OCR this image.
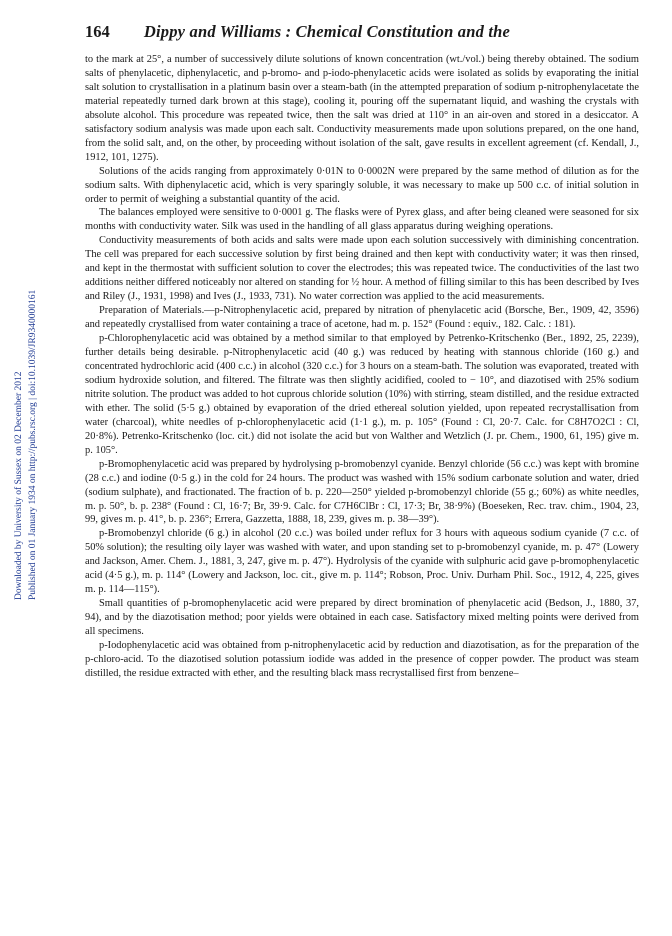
164 Dippy and Williams : Chemical Constitution and the
Downloaded by University of Sussex on 02 December 2012 Published on 01 January 1934 on http://pubs.rsc.org | doi:10.1039/JR9340000161

to the mark at 25°, a number of successively dilute solutions of known concentration (wt./vol.) being thereby obtained. The sodium salts of phenylacetic, diphenylacetic, and p-bromo- and p-iodo-phenylacetic acids were isolated as solids by evaporating the initial salt solution to crystallisation in a platinum basin over a steam-bath (in the attempted preparation of sodium p-nitrophenylacetate the material repeatedly turned dark brown at this stage), cooling it, pouring off the supernatant liquid, and washing the crystals with absolute alcohol. This procedure was repeated twice, then the salt was dried at 110° in an air-oven and stored in a desiccator. A satisfactory sodium analysis was made upon each salt. Conductivity measurements made upon solutions prepared, on the one hand, from the solid salt, and, on the other, by proceeding without isolation of the salt, gave results in excellent agreement (cf. Kendall, J., 1912, 101, 1275).

Solutions of the acids ranging from approximately 0·01N to 0·0002N were prepared by the same method of dilution as for the sodium salts. With diphenylacetic acid, which is very sparingly soluble, it was necessary to make up 500 c.c. of initial solution in order to permit of weighing a substantial quantity of the acid.

The balances employed were sensitive to 0·0001 g. The flasks were of Pyrex glass, and after being cleaned were seasoned for six months with conductivity water. Silk was used in the handling of all glass apparatus during weighing operations.

Conductivity measurements of both acids and salts were made upon each solution successively with diminishing concentration. The cell was prepared for each successive solution by first being drained and then kept with conductivity water; it was then rinsed, and kept in the thermostat with sufficient solution to cover the electrodes; this was repeated twice. The conductivities of the last two additions neither differed noticeably nor altered on standing for ½ hour. A method of filling similar to this has been described by Ives and Riley (J., 1931, 1998) and Ives (J., 1933, 731). No water correction was applied to the acid measurements.

Preparation of Materials.—p-Nitrophenylacetic acid, prepared by nitration of phenylacetic acid (Borsche, Ber., 1909, 42, 3596) and repeatedly crystallised from water containing a trace of acetone, had m. p. 152° (Found : equiv., 182. Calc. : 181).

p-Chlorophenylacetic acid was obtained by a method similar to that employed by Petrenko-Kritschenko (Ber., 1892, 25, 2239), further details being desirable. p-Nitrophenylacetic acid (40 g.) was reduced by heating with stannous chloride (160 g.) and concentrated hydrochloric acid (400 c.c.) in alcohol (320 c.c.) for 3 hours on a steam-bath. The solution was evaporated, treated with sodium hydroxide solution, and filtered. The filtrate was then slightly acidified, cooled to − 10°, and diazotised with 25% sodium nitrite solution. The product was added to hot cuprous chloride solution (10%) with stirring, steam distilled, and the residue extracted with ether. The solid (5·5 g.) obtained by evaporation of the dried ethereal solution yielded, upon repeated recrystallisation from water (charcoal), white needles of p-chlorophenylacetic acid (1·1 g.), m. p. 105° (Found : Cl, 20·7. Calc. for C8H7O2Cl : Cl, 20·8%). Petrenko-Kritschenko (loc. cit.) did not isolate the acid but von Walther and Wetzlich (J. pr. Chem., 1900, 61, 195) give m. p. 105°.

p-Bromophenylacetic acid was prepared by hydrolysing p-bromobenzyl cyanide. Benzyl chloride (56 c.c.) was kept with bromine (28 c.c.) and iodine (0·5 g.) in the cold for 24 hours. The product was washed with 15% sodium carbonate solution and water, dried (sodium sulphate), and fractionated. The fraction of b. p. 220—250° yielded p-bromobenzyl chloride (55 g.; 60%) as white needles, m. p. 50°, b. p. 238° (Found : Cl, 16·7; Br, 39·9. Calc. for C7H6ClBr : Cl, 17·3; Br, 38·9%) (Boeseken, Rec. trav. chim., 1904, 23, 99, gives m. p. 41°, b. p. 236°; Errera, Gazzetta, 1888, 18, 239, gives m. p. 38—39°).

p-Bromobenzyl chloride (6 g.) in alcohol (20 c.c.) was boiled under reflux for 3 hours with aqueous sodium cyanide (7 c.c. of 50% solution); the resulting oily layer was washed with water, and upon standing set to p-bromobenzyl cyanide, m. p. 47° (Lowery and Jackson, Amer. Chem. J., 1881, 3, 247, give m. p. 47°). Hydrolysis of the cyanide with sulphuric acid gave p-bromophenylacetic acid (4·5 g.), m. p. 114° (Lowery and Jackson, loc. cit., give m. p. 114°; Robson, Proc. Univ. Durham Phil. Soc., 1912, 4, 225, gives m. p. 114—115°).

Small quantities of p-bromophenylacetic acid were prepared by direct bromination of phenylacetic acid (Bedson, J., 1880, 37, 94), and by the diazotisation method; poor yields were obtained in each case. Satisfactory mixed melting points were derived from all specimens.

p-Iodophenylacetic acid was obtained from p-nitrophenylacetic acid by reduction and diazotisation, as for the preparation of the p-chloro-acid. To the diazotised solution potassium iodide was added in the presence of copper powder. The product was steam distilled, the residue extracted with ether, and the resulting black mass recrystallised first from benzene–
